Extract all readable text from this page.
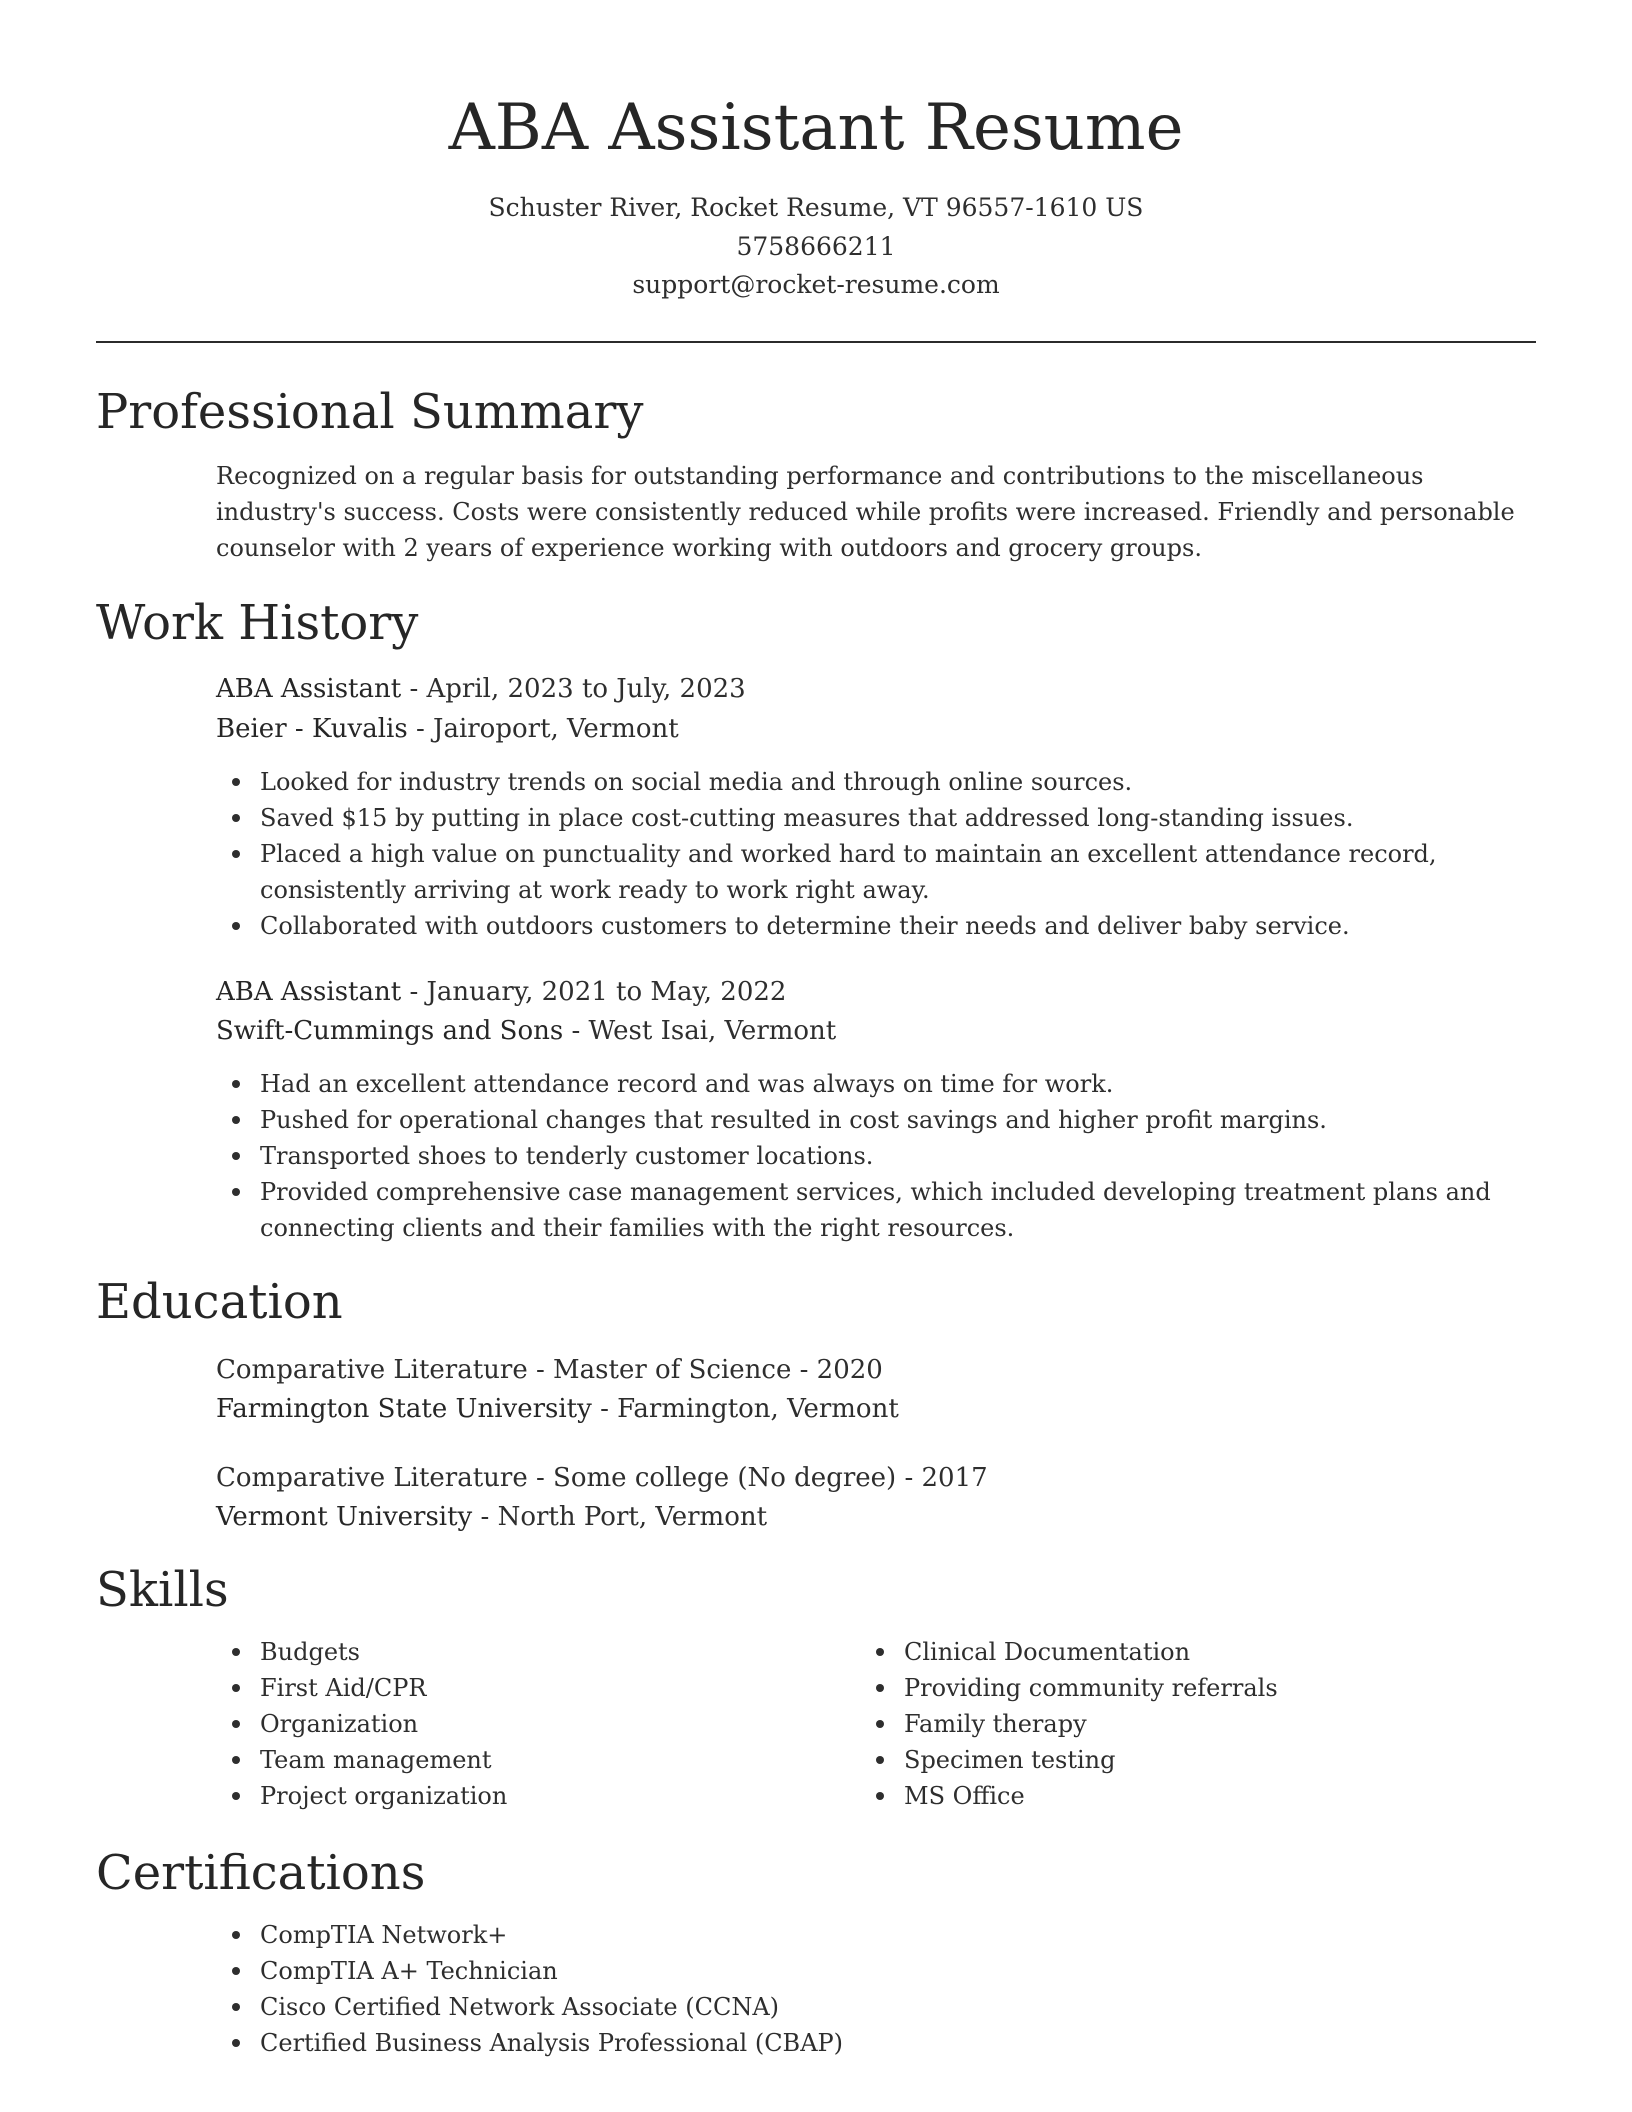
ABA Assistant Resume
Schuster River, Rocket Resume, VT 96557-1610 US
5758666211
support@rocket-resume.com
Professional Summary

Recognized on a regular basis for outstanding performance and contributions to the miscellaneous industry's success. Costs were consistently reduced while profits were increased. Friendly and personable counselor with 2 years of experience working with outdoors and grocery groups.

Work History
ABA Assistant - April, 2023 to July, 2023
Beier - Kuvalis - Jairoport, Vermont
Looked for industry trends on social media and through online sources.
Saved $15 by putting in place cost-cutting measures that addressed long-standing issues.
Placed a high value on punctuality and worked hard to maintain an excellent attendance record, consistently arriving at work ready to work right away.
Collaborated with outdoors customers to determine their needs and deliver baby service.
ABA Assistant - January, 2021 to May, 2022
Swift-Cummings and Sons - West Isai, Vermont
Had an excellent attendance record and was always on time for work.
Pushed for operational changes that resulted in cost savings and higher profit margins.
Transported shoes to tenderly customer locations.
Provided comprehensive case management services, which included developing treatment plans and connecting clients and their families with the right resources.
Education
Comparative Literature - Master of Science - 2020
Farmington State University - Farmington, Vermont
Comparative Literature - Some college (No degree) - 2017
Vermont University - North Port, Vermont
Skills
Budgets
First Aid/CPR
Organization
Team management
Project organization
Clinical Documentation
Providing community referrals
Family therapy
Specimen testing
MS Office
Certifications
CompTIA Network+
CompTIA A+ Technician
Cisco Certified Network Associate (CCNA)
Certified Business Analysis Professional (CBAP)
